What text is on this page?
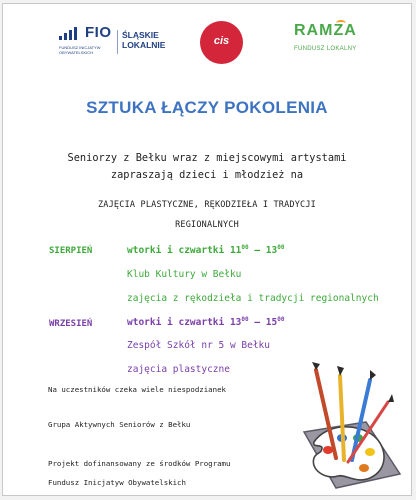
FIO
FUNDUSZ INICJATYW OBYWATELSKICH
ŚLĄSKIE
LOKALNIE	cis
RAMZA
FUNDUSZ LOKALNY
SZTUKA ŁĄCZY POKOLENIA
Seniorzy z Bełku wraz z miejscowymi artystami
zapraszają dzieci i młodzież na
ZAJĘCIA PLASTYCZNE, RĘKODZIEŁA I TRADYCJI
REGIONALNYCH
SIERPIEŃ	wtorki i czwartki $11^{00} - 13^{00}$
Klub Kultury w Bełku
zajęcia z rękodzieła i tradycji regionalnych
WRZESIEŃ	wtorki i czwartki $13^{00} - 15^{00}$
Zespół Szkół nr 5 w Bełku
zajęcia plastyczne
Na uczestników czeka wiele niespodzianek
Grupa Aktywnych Seniorów z Bełku
Projekt dofinansowany ze środków Programu
Fundusz Inicjatyw Obywatelskich
